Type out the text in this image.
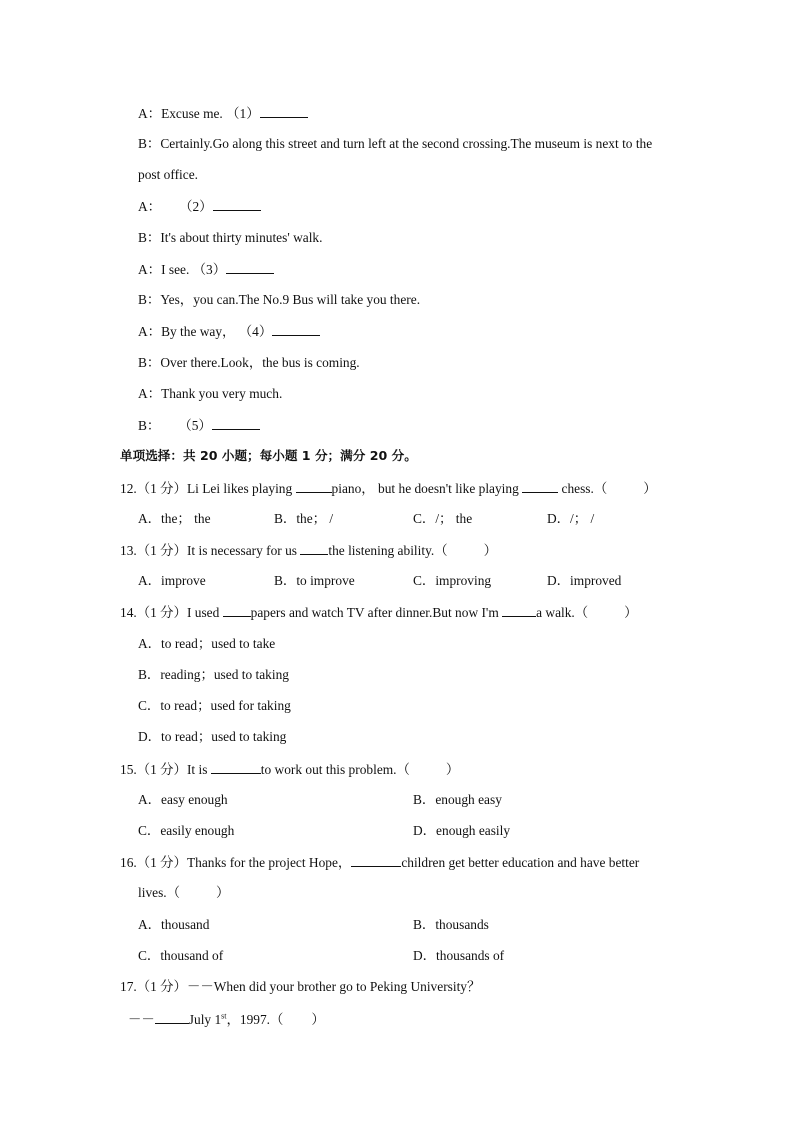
A：Excuse me. （1）
B：Certainly.Go along this street and turn left at the second crossing.The museum is next to the
post office.
A： （2）
B：It's about thirty minutes' walk.
A：I see. （3）
B：Yes，you can.The No.9 Bus will take you there.
A：By the way， （4）
B：Over there.Look，the bus is coming.
A：Thank you very much.
B： （5）
单项选择：共 20 小题；每小题 1 分；满分 20 分。
12.（1 分）Li Lei likes playing	piano， but he doesn't like playing	chess.（	）
A．the； the	B．the； /	C．/； the	D．/； /
13.（1 分）It is necessary for us the listening ability.（	）
A．improve	B．to improve	C．improving	D．improved
14.（1 分）I used papers and watch TV after dinner.But now I'm	a walk.（	）
A．to read；used to take
B．reading；used to taking
C．to read；used for taking
D．to read；used to taking
15.（1 分）It is	to work out this problem.（	）
A．easy enough	B．enough easy
C．easily enough	D．enough easily
16.（1 分）Thanks for the project Hope，	children get better education and have better
lives.（	）
A．thousand	B．thousands
C．thousand of	D．thousands of
17.（1 分）－－When did your brother go to Peking University？
－－	July 1st，1997.（ ）
